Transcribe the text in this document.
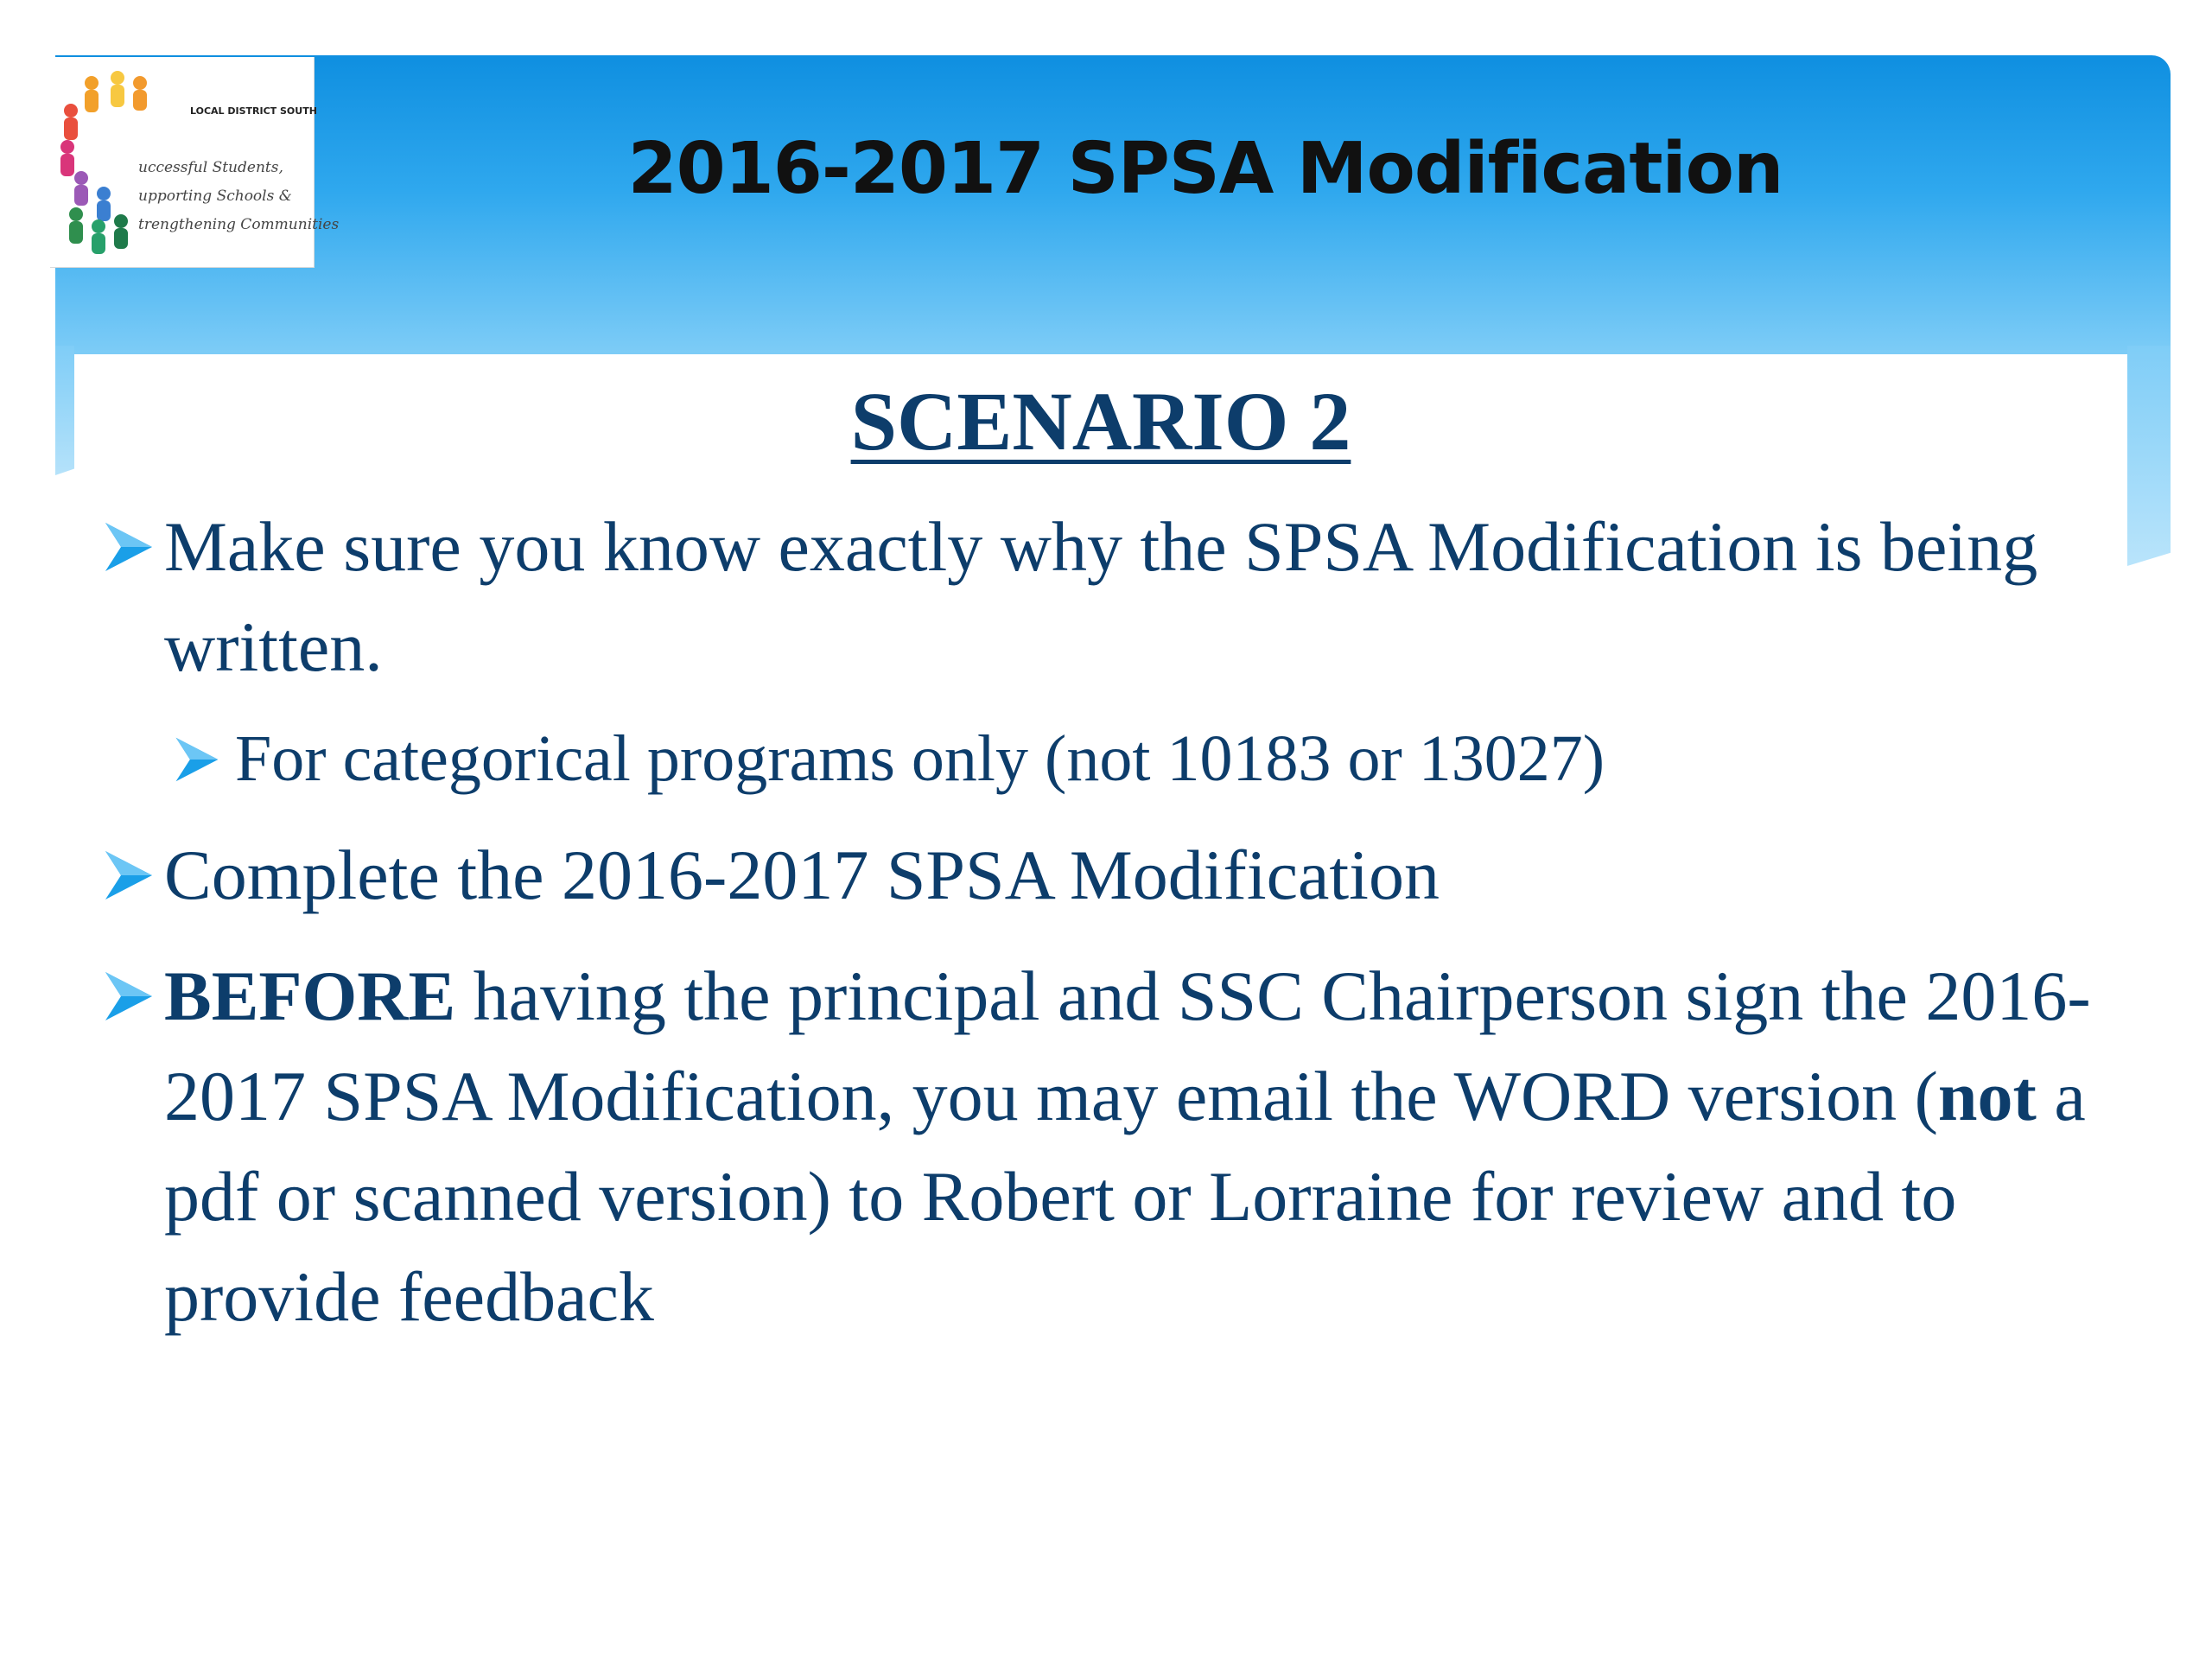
LOCAL DISTRICT SOUTH
uccessful Students,
upporting Schools &
trengthening Communities
2016-2017 SPSA Modification
SCENARIO 2
Make sure you know exactly why the SPSA Modification is being written.
For categorical programs only (not 10183 or 13027)
Complete the 2016-2017 SPSA Modification
BEFORE having the principal and SSC Chairperson sign the 2016-2017 SPSA Modification, you may email the WORD version (not a pdf or scanned version) to Robert or Lorraine for review and to provide feedback
